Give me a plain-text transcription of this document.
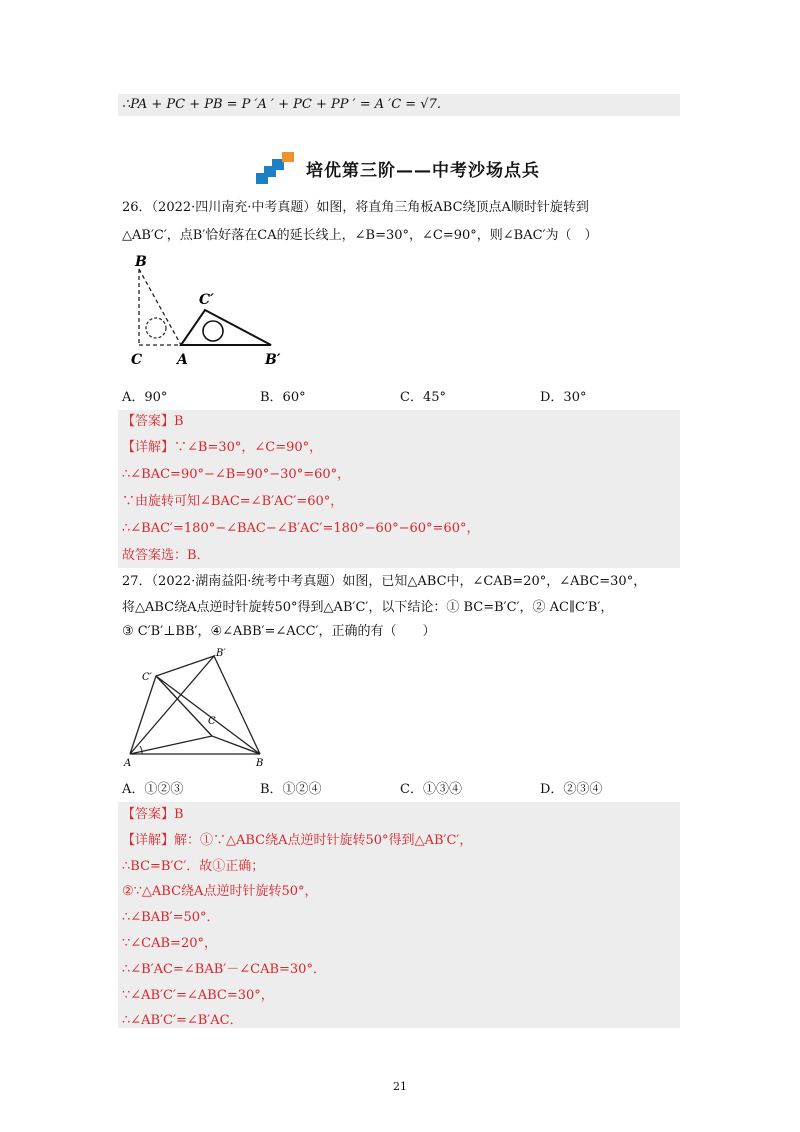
∴PA + PC + PB = P ′A ′ + PC + PP ′ = A ′C = √7.
培优第三阶——中考沙场点兵
26．（2022·四川南充·中考真题）如图，将直角三角板ABC绕顶点A顺时针旋转到
△AB′C′，点B′恰好落在CA的延长线上，∠B=30°，∠C=90°，则∠BAC′为（　）
B
C′
C A	B′
A．90°	B．60°	C．45°	D．30°
【答案】B
【详解】∵∠B=30°，∠C=90°，
∴∠BAC=90°−∠B=90°−30°=60°，
∵由旋转可知∠BAC=∠B′AC′=60°，
∴∠BAC′=180°−∠BAC−∠B′AC′=180°−60°−60°=60°，
故答案选：B．
27．（2022·湖南益阳·统考中考真题）如图，已知△ABC中，∠CAB=20°，∠ABC=30°，
将△ABC绕A点逆时针旋转50°得到△AB′C′，以下结论：① BC=B′C′，② AC∥C′B′，
③ C′B′⊥BB′，④∠ABB′=∠ACC′，正确的有（　　）
B′
C′
C
A	B
A．①②③	B．①②④	C．①③④	D．②③④
【答案】B
【详解】解：①∵△ABC绕A点逆时针旋转50°得到△AB′C′，
∴BC=B′C′．故①正确；
②∵△ABC绕A点逆时针旋转50°，
∴∠BAB′=50°．
∵∠CAB=20°，
∴∠B′AC=∠BAB′－∠CAB=30°．
∵∠AB′C′=∠ABC=30°，
∴∠AB′C′=∠B′AC．
21
